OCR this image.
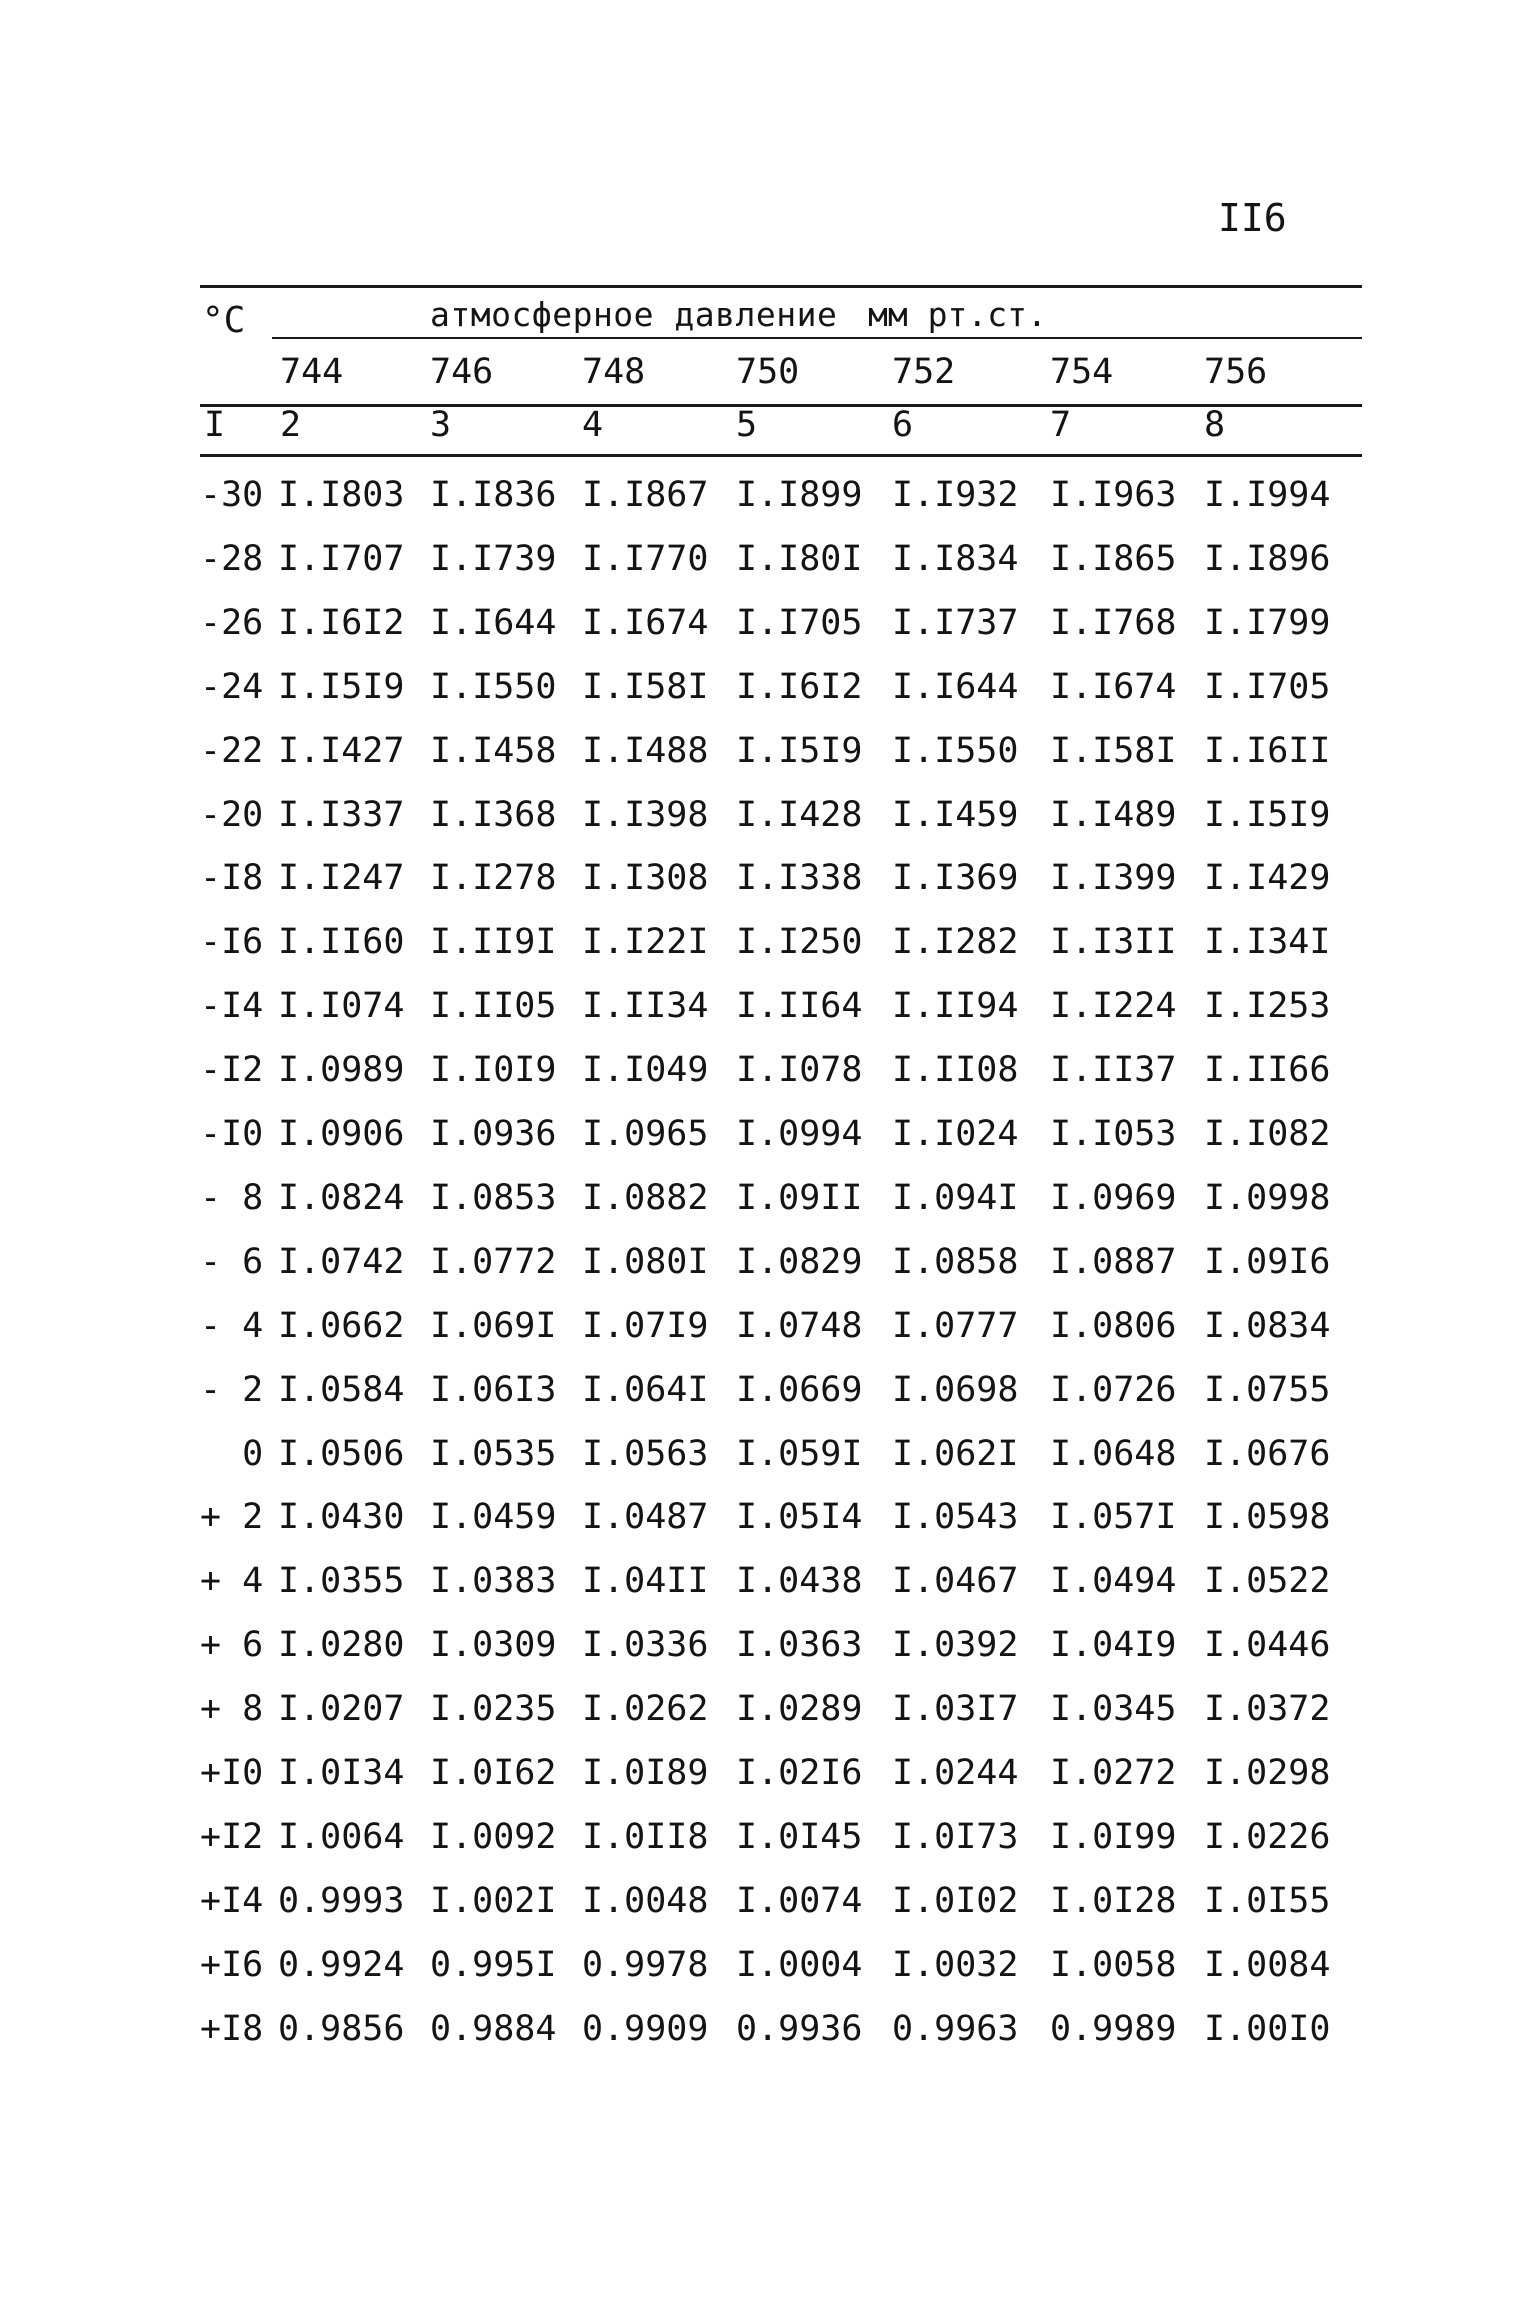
II6
°C	атмосферное давление мм рт.ст.
744 746	748	750	752	754	756
I 2	3	4	5	6	7	8
-30 I.I803 I.I836 I.I867 I.I899 I.I932 I.I963 I.I994
-28 I.I707 I.I739 I.I770 I.I80I I.I834 I.I865 I.I896
-26 I.I6I2 I.I644 I.I674 I.I705 I.I737 I.I768 I.I799
-24 I.I5I9 I.I550 I.I58I I.I6I2 I.I644 I.I674 I.I705
-22 I.I427 I.I458 I.I488 I.I5I9 I.I550 I.I58I I.I6II
-20 I.I337 I.I368 I.I398 I.I428 I.I459 I.I489 I.I5I9
-I8 I.I247 I.I278 I.I308 I.I338 I.I369 I.I399 I.I429
-I6 I.II60 I.II9I I.I22I I.I250 I.I282 I.I3II I.I34I
-I4 I.I074 I.II05 I.II34 I.II64 I.II94 I.I224 I.I253
-I2 I.0989 I.I0I9 I.I049 I.I078 I.II08 I.II37 I.II66
-I0 I.0906 I.0936 I.0965 I.0994 I.I024 I.I053 I.I082
- 8 I.0824 I.0853 I.0882 I.09II I.094I I.0969 I.0998
- 6 I.0742 I.0772 I.080I I.0829 I.0858 I.0887 I.09I6
- 4 I.0662 I.069I I.07I9 I.0748 I.0777 I.0806 I.0834
- 2 I.0584 I.06I3 I.064I I.0669 I.0698 I.0726 I.0755
0 I.0506 I.0535 I.0563 I.059I I.062I I.0648 I.0676
+ 2 I.0430 I.0459 I.0487 I.05I4 I.0543 I.057I I.0598
+ 4 I.0355 I.0383 I.04II I.0438 I.0467 I.0494 I.0522
+ 6 I.0280 I.0309 I.0336 I.0363 I.0392 I.04I9 I.0446
+ 8 I.0207 I.0235 I.0262 I.0289 I.03I7 I.0345 I.0372
+I0 I.0I34 I.0I62 I.0I89 I.02I6 I.0244 I.0272 I.0298
+I2 I.0064 I.0092 I.0II8 I.0I45 I.0I73 I.0I99 I.0226
+I4 0.9993 I.002I I.0048 I.0074 I.0I02 I.0I28 I.0I55
+I6 0.9924 0.995I 0.9978 I.0004 I.0032 I.0058 I.0084
+I8 0.9856 0.9884 0.9909 0.9936 0.9963 0.9989 I.00I0
